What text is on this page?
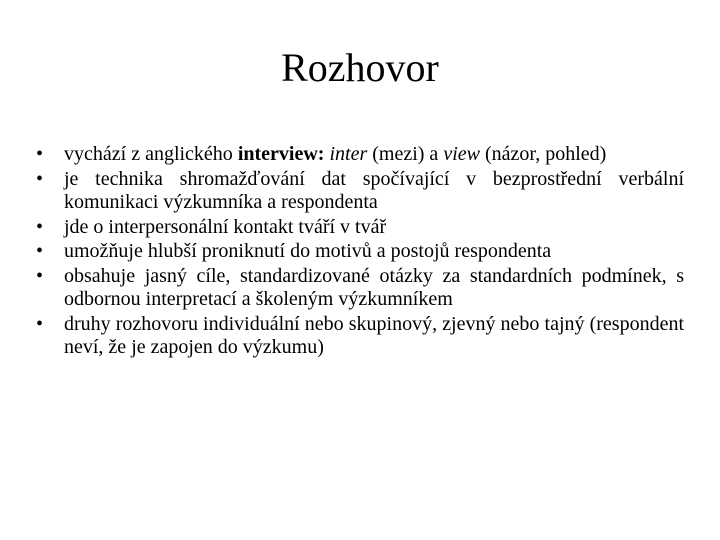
Rozhovor
•	vychází z anglického interview: inter (mezi) a view (názor, pohled)
•	je technika shromažďování dat spočívající v bezprostřední verbální komunikaci výzkumníka a respondenta
•	jde o interpersonální kontakt tváří v tvář
•	umožňuje hlubší proniknutí do motivů a postojů respondenta
•	obsahuje jasný cíle, standardizované otázky za standardních podmínek, s odbornou interpretací a školeným výzkumníkem
•	druhy rozhovoru individuální nebo skupinový, zjevný nebo tajný (respondent neví, že je zapojen do výzkumu)
